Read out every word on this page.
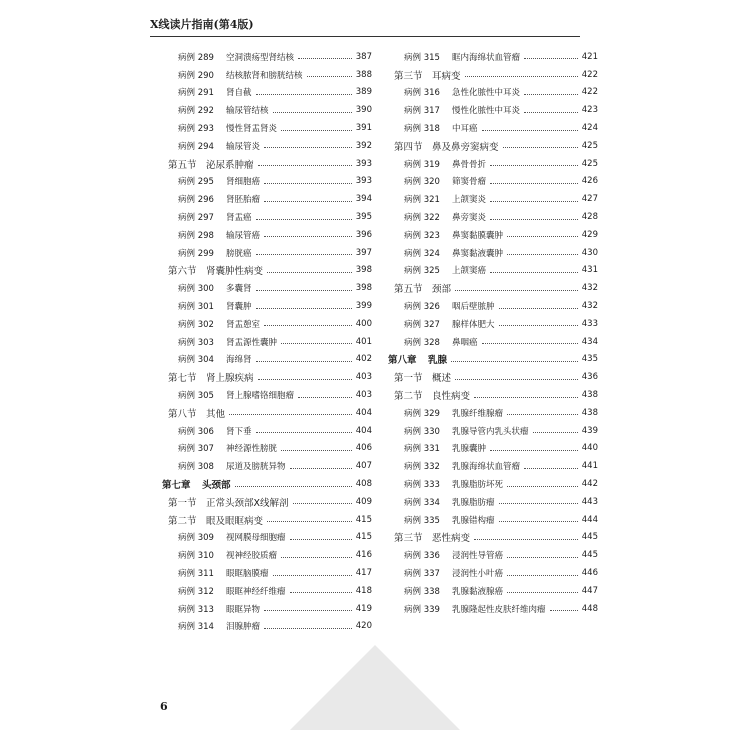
X线读片指南(第4版)
病例 289	空洞溃疡型肾结核	387
病例 290	结核脓肾和膀胱结核	388
病例 291	肾自截	389
病例 292	输尿管结核	390
病例 293	慢性肾盂肾炎	391
病例 294	输尿管炎	392
第五节 泌尿系肿瘤	393
病例 295	肾细胞癌	393
病例 296	肾胚胎瘤	394
病例 297	肾盂癌	395
病例 298	输尿管癌	396
病例 299	膀胱癌	397
第六节 肾囊肿性病变	398
病例 300	多囊肾	398
病例 301	肾囊肿	399
病例 302	肾盂憩室	400
病例 303	肾盂源性囊肿	401
病例 304	海绵肾	402
第七节 肾上腺疾病	403
病例 305	肾上腺嗜铬细胞瘤	403
第八节 其他	404
病例 306	肾下垂	404
病例 307	神经源性膀胱	406
病例 308	尿道及膀胱异物	407
第七章	头颈部	408
第一节 正常头颈部X线解剖	409
第二节 眼及眼眶病变	415
病例 309	视网膜母细胞瘤	415
病例 310	视神经胶质瘤	416
病例 311	眼眶脑膜瘤	417
病例 312	眼眶神经纤维瘤	418
病例 313	眼眶异物	419
病例 314	泪腺肿瘤	420
病例 315	眶内海绵状血管瘤	421
第三节 耳病变	422
病例 316	急性化脓性中耳炎	422
病例 317	慢性化脓性中耳炎	423
病例 318	中耳癌	424
第四节 鼻及鼻旁窦病变	425
病例 319	鼻骨骨折	425
病例 320	筛窦骨瘤	426
病例 321	上颌窦炎	427
病例 322	鼻旁窦炎	428
病例 323	鼻窦黏膜囊肿	429
病例 324	鼻窦黏液囊肿	430
病例 325	上颌窦癌	431
第五节 颈部	432
病例 326	咽后壁脓肿	432
病例 327	腺样体肥大	433
病例 328	鼻咽癌	434
第八章	乳腺	435
第一节 概述	436
第二节 良性病变	438
病例 329	乳腺纤维腺瘤	438
病例 330	乳腺导管内乳头状瘤	439
病例 331	乳腺囊肿	440
病例 332	乳腺海绵状血管瘤	441
病例 333	乳腺脂肪坏死	442
病例 334	乳腺脂肪瘤	443
病例 335	乳腺错构瘤	444
第三节 恶性病变	445
病例 336	浸润性导管癌	445
病例 337	浸润性小叶癌	446
病例 338	乳腺黏液腺癌	447
病例 339	乳腺隆起性皮肤纤维肉瘤	448
6
